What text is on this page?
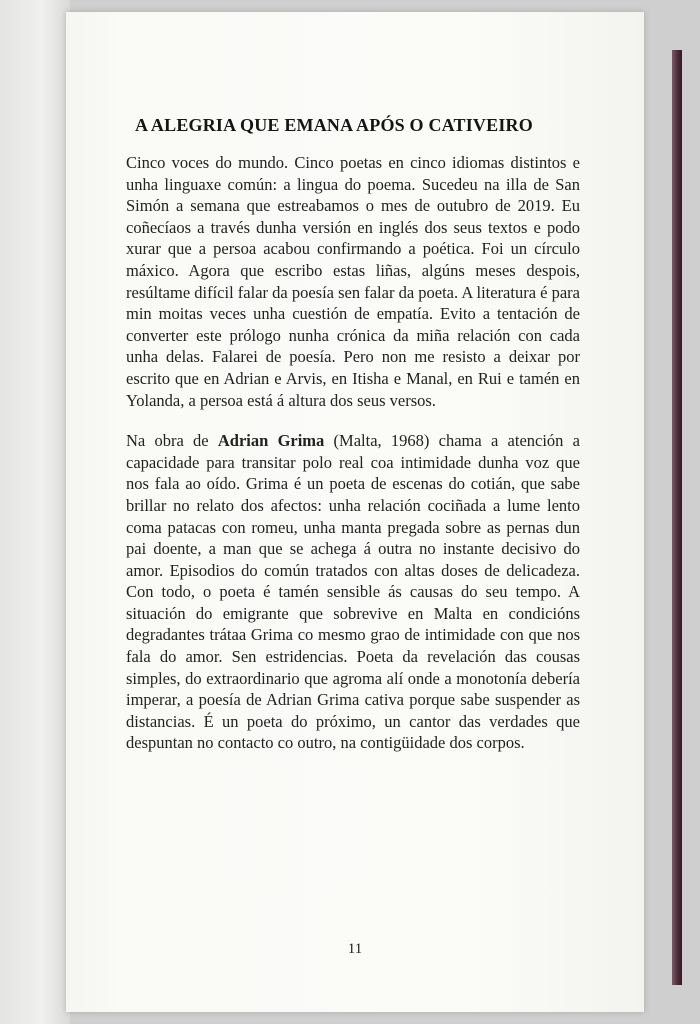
A ALEGRIA QUE EMANA APÓS O CATIVEIRO

Cinco voces do mundo. Cinco poetas en cinco idiomas distintos e unha linguaxe común: a lingua do poema. Sucedeu na illa de San Simón a semana que estreabamos o mes de outubro de 2019. Eu coñecíaos a través dunha versión en inglés dos seus textos e podo xurar que a persoa acabou confirmando a poética. Foi un círculo máxico. Agora que escribo estas liñas, algúns meses despois, resúltame difícil falar da poesía sen falar da poeta. A literatura é para min moitas veces unha cuestión de empatía. Evito a tentación de converter este prólogo nunha crónica da miña relación con cada unha delas. Falarei de poesía. Pero non me resisto a deixar por escrito que en Adrian e Arvis, en Itisha e Manal, en Rui e tamén en Yolanda, a persoa está á altura dos seus versos.

Na obra de Adrian Grima (Malta, 1968) chama a atención a capacidade para transitar polo real coa intimidade dunha voz que nos fala ao oído. Grima é un poeta de escenas do cotián, que sabe brillar no relato dos afectos: unha relación cociñada a lume lento coma patacas con romeu, unha manta pregada sobre as pernas dun pai doente, a man que se achega á outra no instante decisivo do amor. Episodios do común tratados con altas doses de delicadeza. Con todo, o poeta é tamén sensible ás causas do seu tempo. A situación do emigrante que sobrevive en Malta en condicións degradantes trátaa Grima co mesmo grao de intimidade con que nos fala do amor. Sen estridencias. Poeta da revelación das cousas simples, do extraordinario que agroma alí onde a monotonía debería imperar, a poesía de Adrian Grima cativa porque sabe suspender as distancias. É un poeta do próximo, un cantor das verdades que despuntan no contacto co outro, na contigüidade dos corpos.

11
